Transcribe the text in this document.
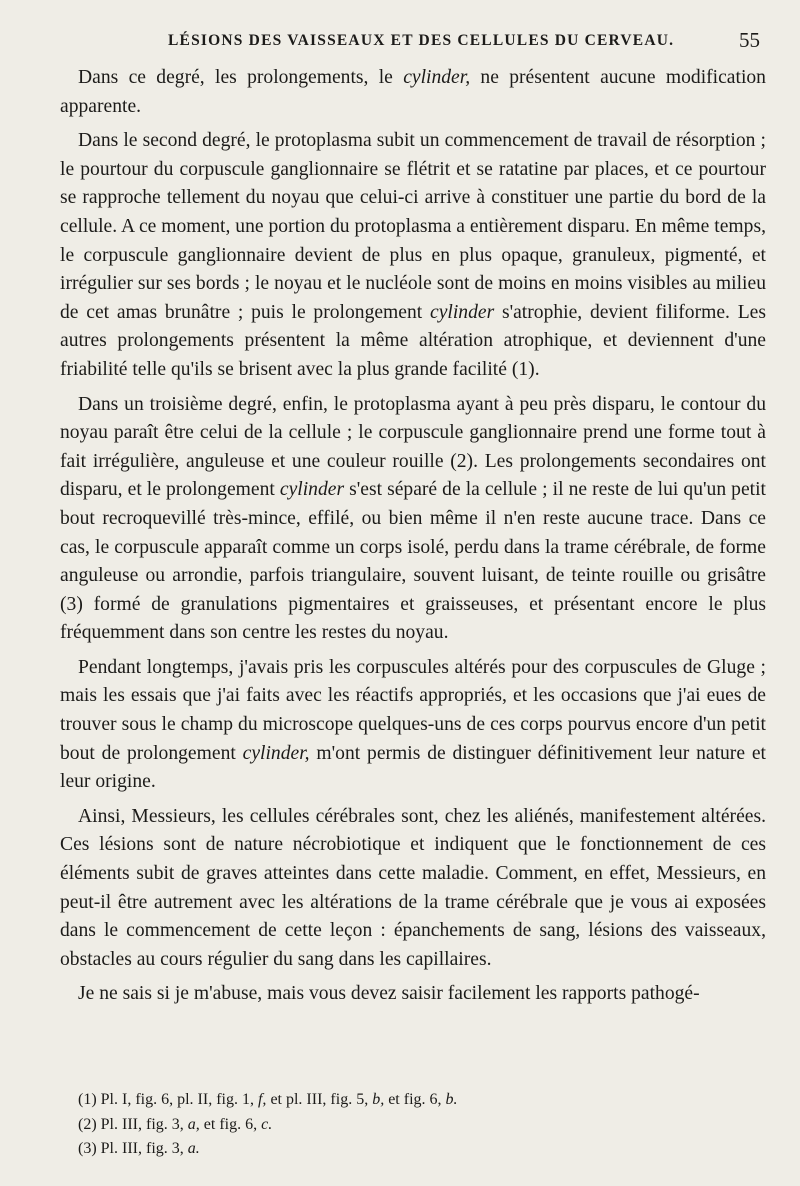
LÉSIONS DES VAISSEAUX ET DES CELLULES DU CERVEAU.	55

Dans ce degré, les prolongements, le cylinder, ne présentent aucune modification apparente.

Dans le second degré, le protoplasma subit un commencement de travail de résorption ; le pourtour du corpuscule ganglionnaire se flétrit et se ratatine par places, et ce pourtour se rapproche tellement du noyau que celui-ci arrive à constituer une partie du bord de la cellule. A ce moment, une portion du protoplasma a entièrement disparu. En même temps, le corpuscule ganglionnaire devient de plus en plus opaque, granuleux, pigmenté, et irrégulier sur ses bords ; le noyau et le nucléole sont de moins en moins visibles au milieu de cet amas brunâtre ; puis le prolongement cylinder s'atrophie, devient filiforme. Les autres prolongements présentent la même altération atrophique, et deviennent d'une friabilité telle qu'ils se brisent avec la plus grande facilité (1).

Dans un troisième degré, enfin, le protoplasma ayant à peu près disparu, le contour du noyau paraît être celui de la cellule ; le corpuscule ganglionnaire prend une forme tout à fait irrégulière, anguleuse et une couleur rouille (2). Les prolongements secondaires ont disparu, et le prolongement cylinder s'est séparé de la cellule ; il ne reste de lui qu'un petit bout recroquevillé très-mince, effilé, ou bien même il n'en reste aucune trace. Dans ce cas, le corpuscule apparaît comme un corps isolé, perdu dans la trame cérébrale, de forme anguleuse ou arrondie, parfois triangulaire, souvent luisant, de teinte rouille ou grisâtre (3) formé de granulations pigmentaires et graisseuses, et présentant encore le plus fréquemment dans son centre les restes du noyau.

Pendant longtemps, j'avais pris les corpuscules altérés pour des corpuscules de Gluge ; mais les essais que j'ai faits avec les réactifs appropriés, et les occasions que j'ai eues de trouver sous le champ du microscope quelques-uns de ces corps pourvus encore d'un petit bout de prolongement cylinder, m'ont permis de distinguer définitivement leur nature et leur origine.

Ainsi, Messieurs, les cellules cérébrales sont, chez les aliénés, manifestement altérées. Ces lésions sont de nature nécrobiotique et indiquent que le fonctionnement de ces éléments subit de graves atteintes dans cette maladie. Comment, en effet, Messieurs, en peut-il être autrement avec les altérations de la trame cérébrale que je vous ai exposées dans le commencement de cette leçon : épanchements de sang, lésions des vaisseaux, obstacles au cours régulier du sang dans les capillaires.

Je ne sais si je m'abuse, mais vous devez saisir facilement les rapports pathogé-

(1) Pl. I, fig. 6, pl. II, fig. 1, f, et pl. III, fig. 5, b, et fig. 6, b.
(2) Pl. III, fig. 3, a, et fig. 6, c.
(3) Pl. III, fig. 3, a.
